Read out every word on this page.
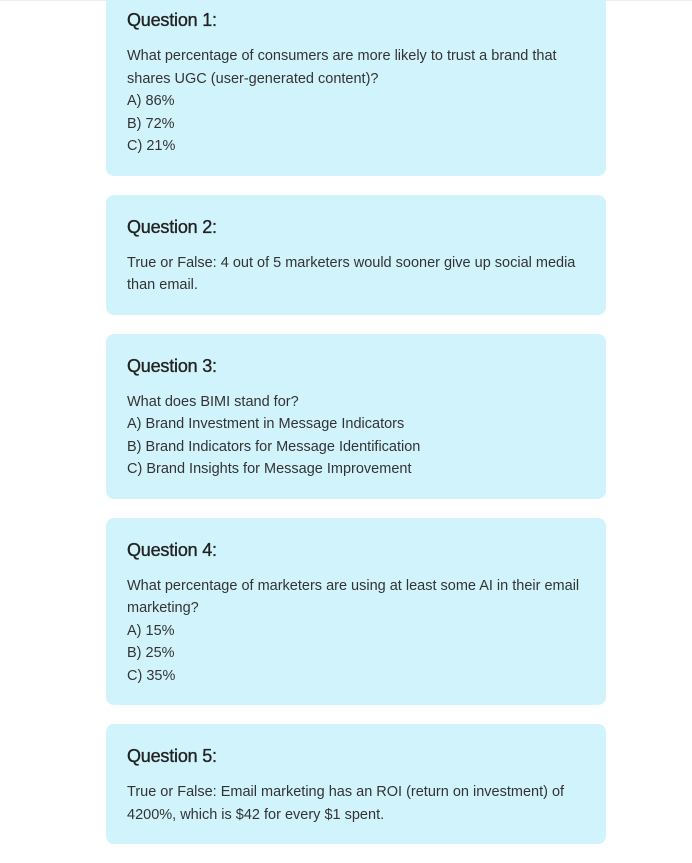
Question 1:

What percentage of consumers are more likely to trust a brand that shares UGC (user-generated content)?

A) 86%

B) 72%

C) 21%

Question 2:

True or False: 4 out of 5 marketers would sooner give up social media than email.

Question 3:

What does BIMI stand for?

A) Brand Investment in Message Indicators

B) Brand Indicators for Message Identification

C) Brand Insights for Message Improvement

Question 4:

What percentage of marketers are using at least some AI in their email marketing?

A) 15%

B) 25%

C) 35%

Question 5:

True or False: Email marketing has an ROI (return on investment) of 4200%, which is $42 for every $1 spent.
